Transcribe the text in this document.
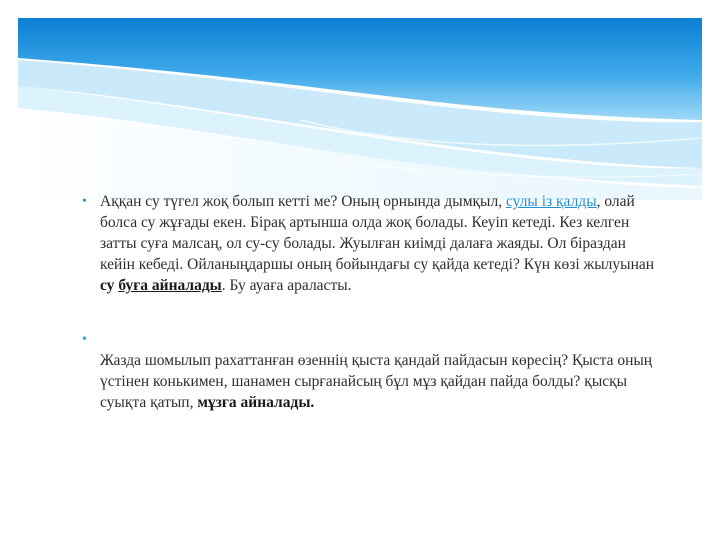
• Аққан су түгел жоқ болып кетті ме? Оның орнында дымқыл, сулы із қалды, олай болса су жұғады екен. Бірақ артынша олда жоқ болады. Кеуіп кетеді. Кез келген затты суға малсаң, ол су-су болады. Жуылған киімді далаға жаяды. Ол біраздан кейін кебеді. Ойланыңдаршы оның бойындағы су қайда кетеді? Күн көзі жылуынан су буға айналады. Бу ауаға араласты.
•
Жазда шомылып рахаттанған өзеннің қыста қандай пайдасын көресің? Қыста оның үстінен конькимен, шанамен сырғанайсың бұл мұз қайдан пайда болды? қысқы суықта қатып, мұзға айналады.
